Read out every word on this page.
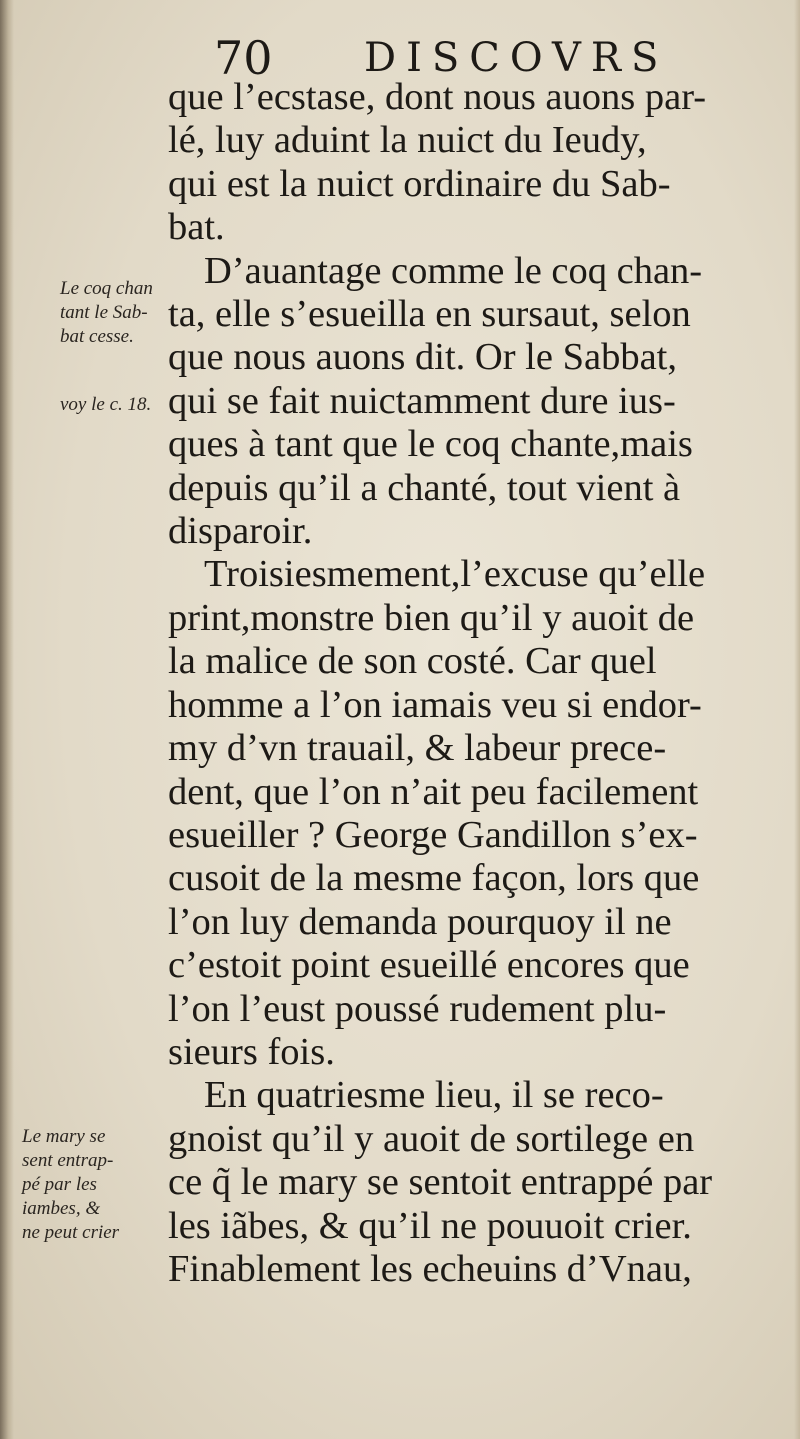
70 DISCOVRS
que l’ecstase, dont nous auons par-
lé, luy aduint la nuict du Ieudy,
qui est la nuict ordinaire du Sab-
bat.
D’auantage comme le coq chan-
ta, elle s’esueilla en sursaut, selon
que nous auons dit. Or le Sabbat,
qui se fait nuictamment dure ius-
ques à tant que le coq chante,mais
depuis qu’il a chanté, tout vient à
disparoir.
Troisiesmement,l’excuse qu’elle
print,monstre bien qu’il y auoit de
la malice de son costé. Car quel
homme a l’on iamais veu si endor-
my d’vn trauail, & labeur prece-
dent, que l’on n’ait peu facilement
esueiller ? George Gandillon s’ex-
cusoit de la mesme façon, lors que
l’on luy demanda pourquoy il ne
c’estoit point esueillé encores que
l’on l’eust poussé rudement plu-
sieurs fois.
En quatriesme lieu, il se reco-
gnoist qu’il y auoit de sortilege en
ce q̃ le mary se sentoit entrappé par
les iãbes, & qu’il ne pouuoit crier.
Finablement les echeuins d’Vnau,
Le coq chan
tant le Sab-
bat cesse.
voy le c. 18.
Le mary se
sent entrap-
pé par les
iambes, &
ne peut crier
